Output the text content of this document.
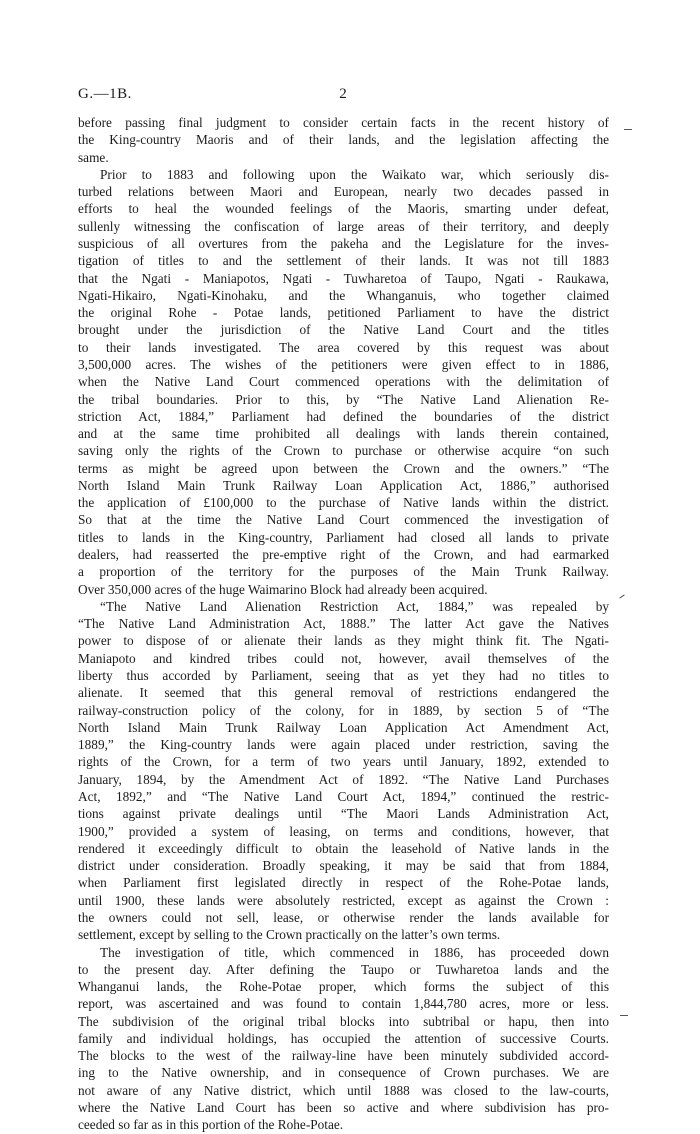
G.—1B.	2

before passing final judgment to consider certain facts in the recent history of

the King-country Maoris and of their lands, and the legislation affecting the

same.

Prior to 1883 and following upon the Waikato war, which seriously dis-

turbed relations between Maori and European, nearly two decades passed in

efforts to heal the wounded feelings of the Maoris, smarting under defeat,

sullenly witnessing the confiscation of large areas of their territory, and deeply

suspicious of all overtures from the pakeha and the Legislature for the inves-

tigation of titles to and the settlement of their lands. It was not till 1883

that the Ngati - Maniapotos, Ngati - Tuwharetoa of Taupo, Ngati - Raukawa,

Ngati-Hikairo, Ngati-Kinohaku, and the Whanganuis, who together claimed

the original Rohe - Potae lands, petitioned Parliament to have the district

brought under the jurisdiction of the Native Land Court and the titles

to their lands investigated. The area covered by this request was about

3,500,000 acres. The wishes of the petitioners were given effect to in 1886,

when the Native Land Court commenced operations with the delimitation of

the tribal boundaries. Prior to this, by “The Native Land Alienation Re-

striction Act, 1884,” Parliament had defined the boundaries of the district

and at the same time prohibited all dealings with lands therein contained,

saving only the rights of the Crown to purchase or otherwise acquire “on such

terms as might be agreed upon between the Crown and the owners.” “The

North Island Main Trunk Railway Loan Application Act, 1886,” authorised

the application of £100,000 to the purchase of Native lands within the district.

So that at the time the Native Land Court commenced the investigation of

titles to lands in the King-country, Parliament had closed all lands to private

dealers, had reasserted the pre-emptive right of the Crown, and had earmarked

a proportion of the territory for the purposes of the Main Trunk Railway.

Over 350,000 acres of the huge Waimarino Block had already been acquired.

“The Native Land Alienation Restriction Act, 1884,” was repealed by

“The Native Land Administration Act, 1888.” The latter Act gave the Natives

power to dispose of or alienate their lands as they might think fit. The Ngati-

Maniapoto and kindred tribes could not, however, avail themselves of the

liberty thus accorded by Parliament, seeing that as yet they had no titles to

alienate. It seemed that this general removal of restrictions endangered the

railway-construction policy of the colony, for in 1889, by section 5 of “The

North Island Main Trunk Railway Loan Application Act Amendment Act,

1889,” the King-country lands were again placed under restriction, saving the

rights of the Crown, for a term of two years until January, 1892, extended to

January, 1894, by the Amendment Act of 1892. “The Native Land Purchases

Act, 1892,” and “The Native Land Court Act, 1894,” continued the restric-

tions against private dealings until “The Maori Lands Administration Act,

1900,” provided a system of leasing, on terms and conditions, however, that

rendered it exceedingly difficult to obtain the leasehold of Native lands in the

district under consideration. Broadly speaking, it may be said that from 1884,

when Parliament first legislated directly in respect of the Rohe-Potae lands,

until 1900, these lands were absolutely restricted, except as against the Crown :

the owners could not sell, lease, or otherwise render the lands available for

settlement, except by selling to the Crown practically on the latter’s own terms.

The investigation of title, which commenced in 1886, has proceeded down

to the present day. After defining the Taupo or Tuwharetoa lands and the

Whanganui lands, the Rohe-Potae proper, which forms the subject of this

report, was ascertained and was found to contain 1,844,780 acres, more or less.

The subdivision of the original tribal blocks into subtribal or hapu, then into

family and individual holdings, has occupied the attention of successive Courts.

The blocks to the west of the railway-line have been minutely subdivided accord-

ing to the Native ownership, and in consequence of Crown purchases. We are

not aware of any Native district, which until 1888 was closed to the law-courts,

where the Native Land Court has been so active and where subdivision has pro-

ceeded so far as in this portion of the Rohe-Potae.
